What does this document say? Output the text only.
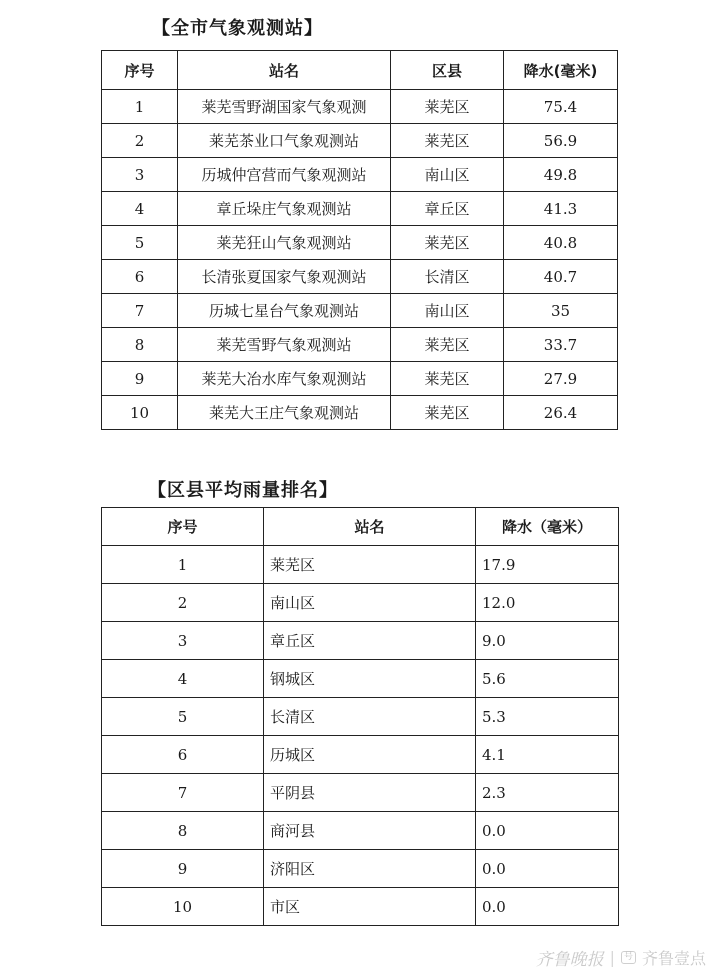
【全市气象观测站】
序号	站名	区县	降水(毫米)
1	莱芜雪野湖国家气象观测	莱芜区	75.4
2	莱芜茶业口气象观测站	莱芜区	56.9
3	历城仲宫营而气象观测站	南山区	49.8
4	章丘垛庄气象观测站	章丘区	41.3
5	莱芜狂山气象观测站	莱芜区	40.8
6	长清张夏国家气象观测站	长清区	40.7
7	历城七星台气象观测站	南山区	35
8	莱芜雪野气象观测站	莱芜区	33.7
9	莱芜大冶水库气象观测站	莱芜区	27.9
10	莱芜大王庄气象观测站	莱芜区	26.4
【区县平均雨量排名】
序号	站名	降水（毫米）
1	莱芜区	17.9
2	南山区	12.0
3	章丘区	9.0
4	钢城区	5.6
5	长清区	5.3
6	历城区	4.1
7	平阴县	2.3
8	商河县	0.0
9	济阳区	0.0
10	市区	0.0
齐鲁晚报 |	号 齐鲁壹点
